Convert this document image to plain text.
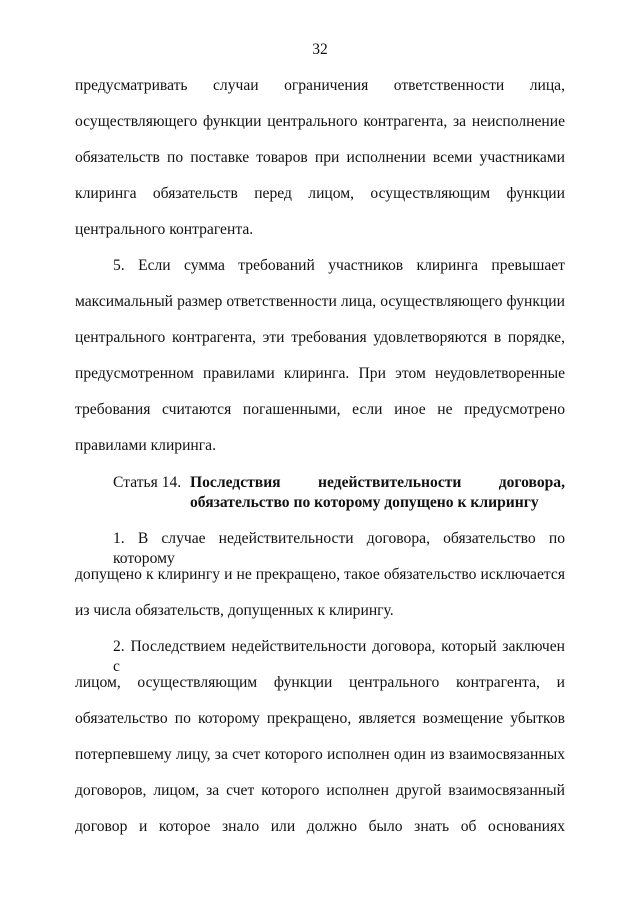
32
предусматривать случаи ограничения ответственности лица,
осуществляющего функции центрального контрагента, за неисполнение
обязательств по поставке товаров при исполнении всеми участниками
клиринга обязательств перед лицом, осуществляющим функции
центрального контрагента.
5. Если сумма требований участников клиринга превышает
максимальный размер ответственности лица, осуществляющего функции
центрального контрагента, эти требования удовлетворяются в порядке,
предусмотренном правилами клиринга. При этом неудовлетворенные
требования считаются погашенными, если иное не предусмотрено
правилами клиринга.
Статья 14. Последствия недействительности договора,
обязательство по которому допущено к клирингу
1. В случае недействительности договора, обязательство по которому
допущено к клирингу и не прекращено, такое обязательство исключается
из числа обязательств, допущенных к клирингу.
2. Последствием недействительности договора, который заключен с
лицом, осуществляющим функции центрального контрагента, и
обязательство по которому прекращено, является возмещение убытков
потерпевшему лицу, за счет которого исполнен один из взаимосвязанных
договоров, лицом, за счет которого исполнен другой взаимосвязанный
договор и которое знало или должно было знать об основаниях
